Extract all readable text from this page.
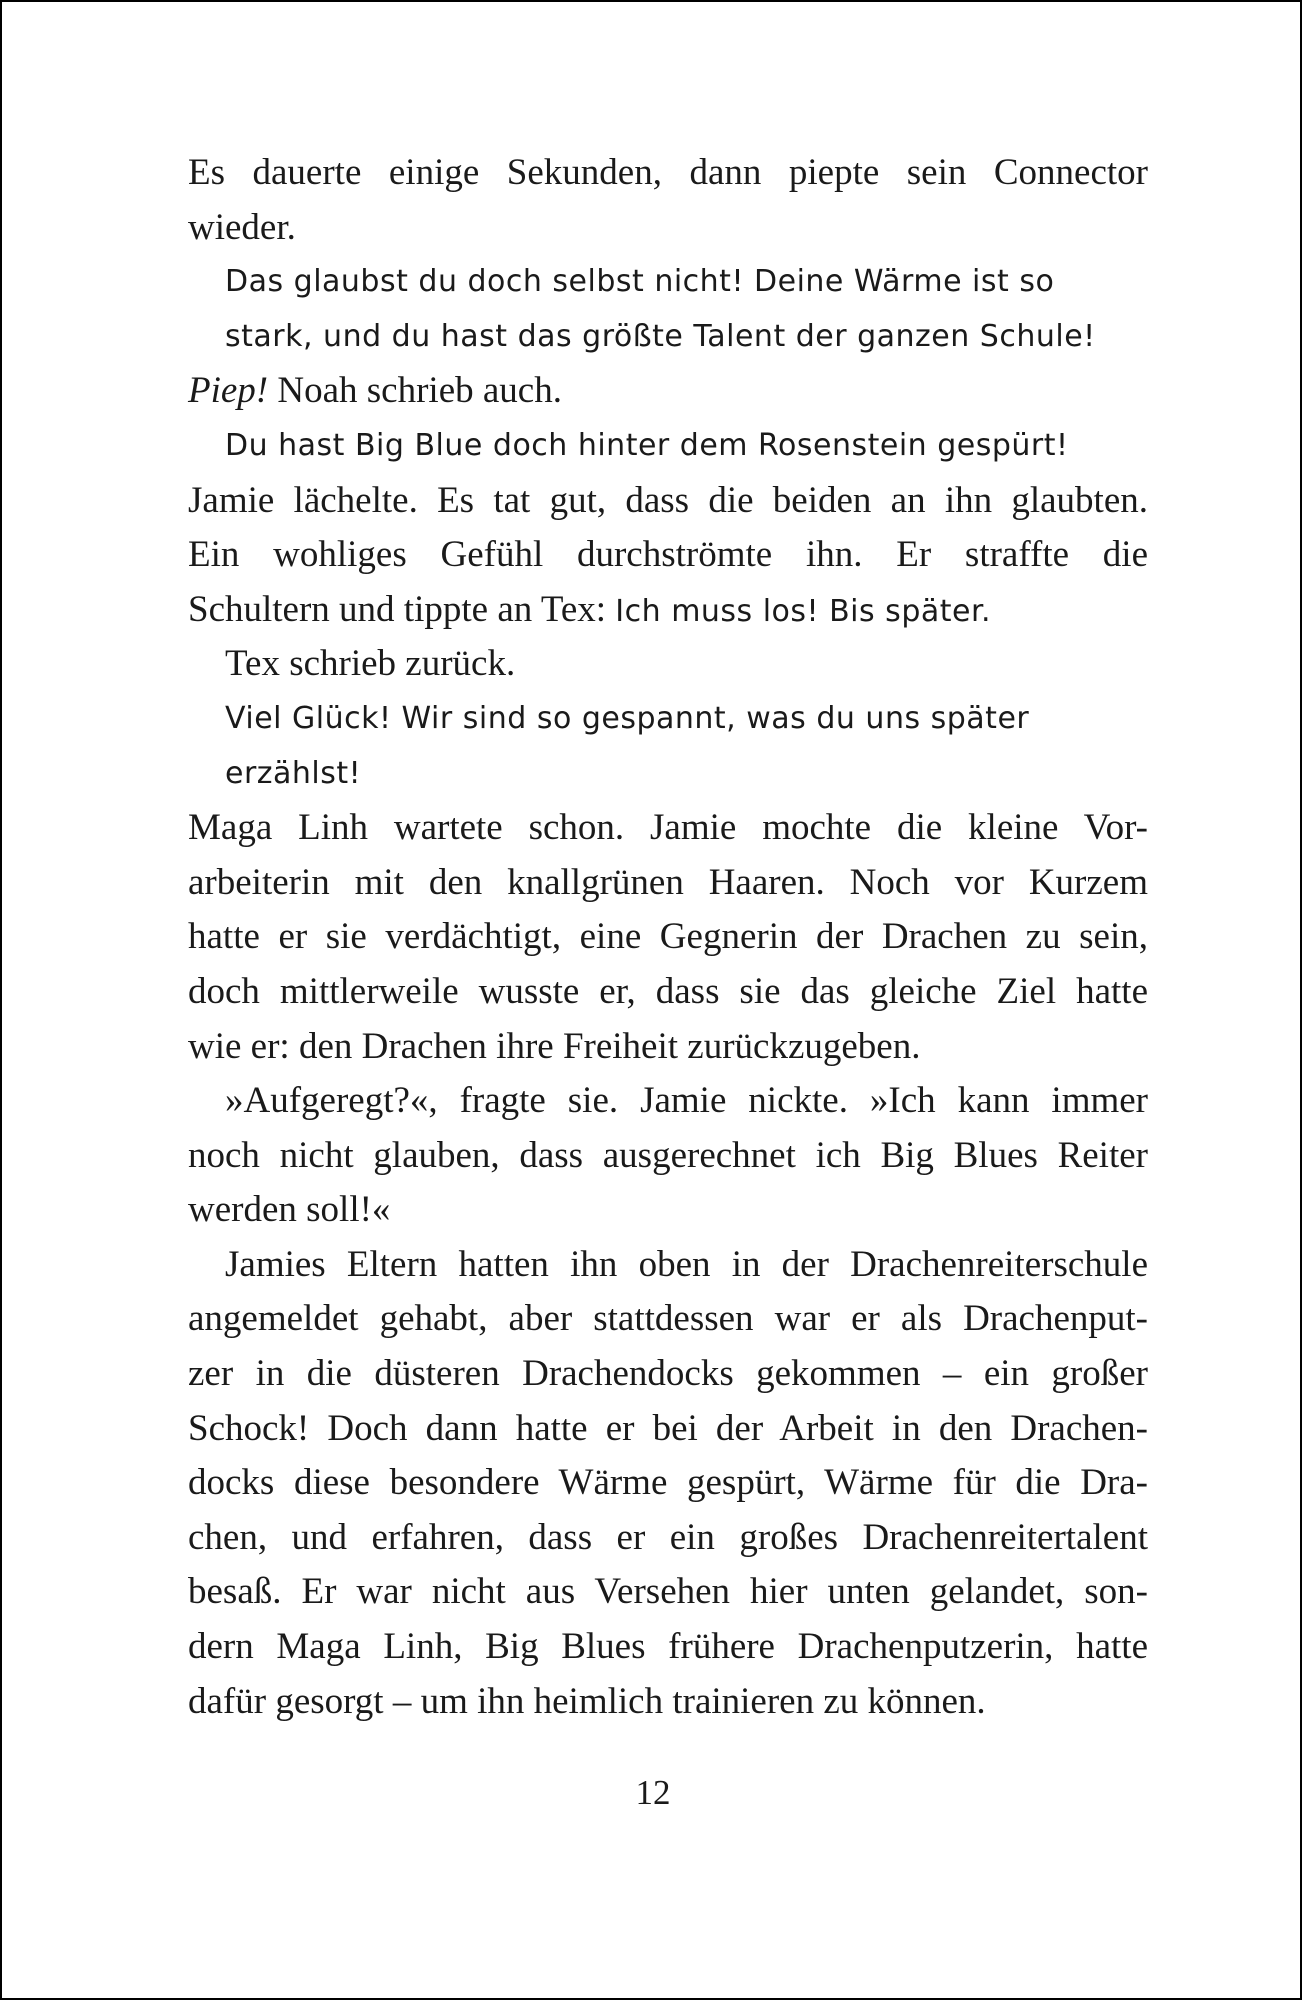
Es dauerte einige Sekunden, dann piepte sein Connector
wieder.
Das glaubst du doch selbst nicht! Deine Wärme ist so
stark, und du hast das größte Talent der ganzen Schule!
Piep! Noah schrieb auch.
Du hast Big Blue doch hinter dem Rosenstein gespürt!
Jamie lächelte. Es tat gut, dass die beiden an ihn glaubten.
Ein wohliges Gefühl durchströmte ihn. Er straffte die
Schultern und tippte an Tex: Ich muss los! Bis später.
Tex schrieb zurück.
Viel Glück! Wir sind so gespannt, was du uns später
erzählst!
Maga Linh wartete schon. Jamie mochte die kleine Vor-
arbeiterin mit den knallgrünen Haaren. Noch vor Kurzem
hatte er sie verdächtigt, eine Gegnerin der Drachen zu sein,
doch mittlerweile wusste er, dass sie das gleiche Ziel hatte
wie er: den Drachen ihre Freiheit zurückzugeben.
»Aufgeregt?«, fragte sie. Jamie nickte. »Ich kann immer
noch nicht glauben, dass ausgerechnet ich Big Blues Reiter
werden soll!«
Jamies Eltern hatten ihn oben in der Drachenreiterschule
angemeldet gehabt, aber stattdessen war er als Drachenput-
zer in die düsteren Drachendocks gekommen – ein großer
Schock! Doch dann hatte er bei der Arbeit in den Drachen-
docks diese besondere Wärme gespürt, Wärme für die Dra-
chen, und erfahren, dass er ein großes Drachenreitertalent
besaß. Er war nicht aus Versehen hier unten gelandet, son-
dern Maga Linh, Big Blues frühere Drachenputzerin, hatte
dafür gesorgt – um ihn heimlich trainieren zu können.
12
